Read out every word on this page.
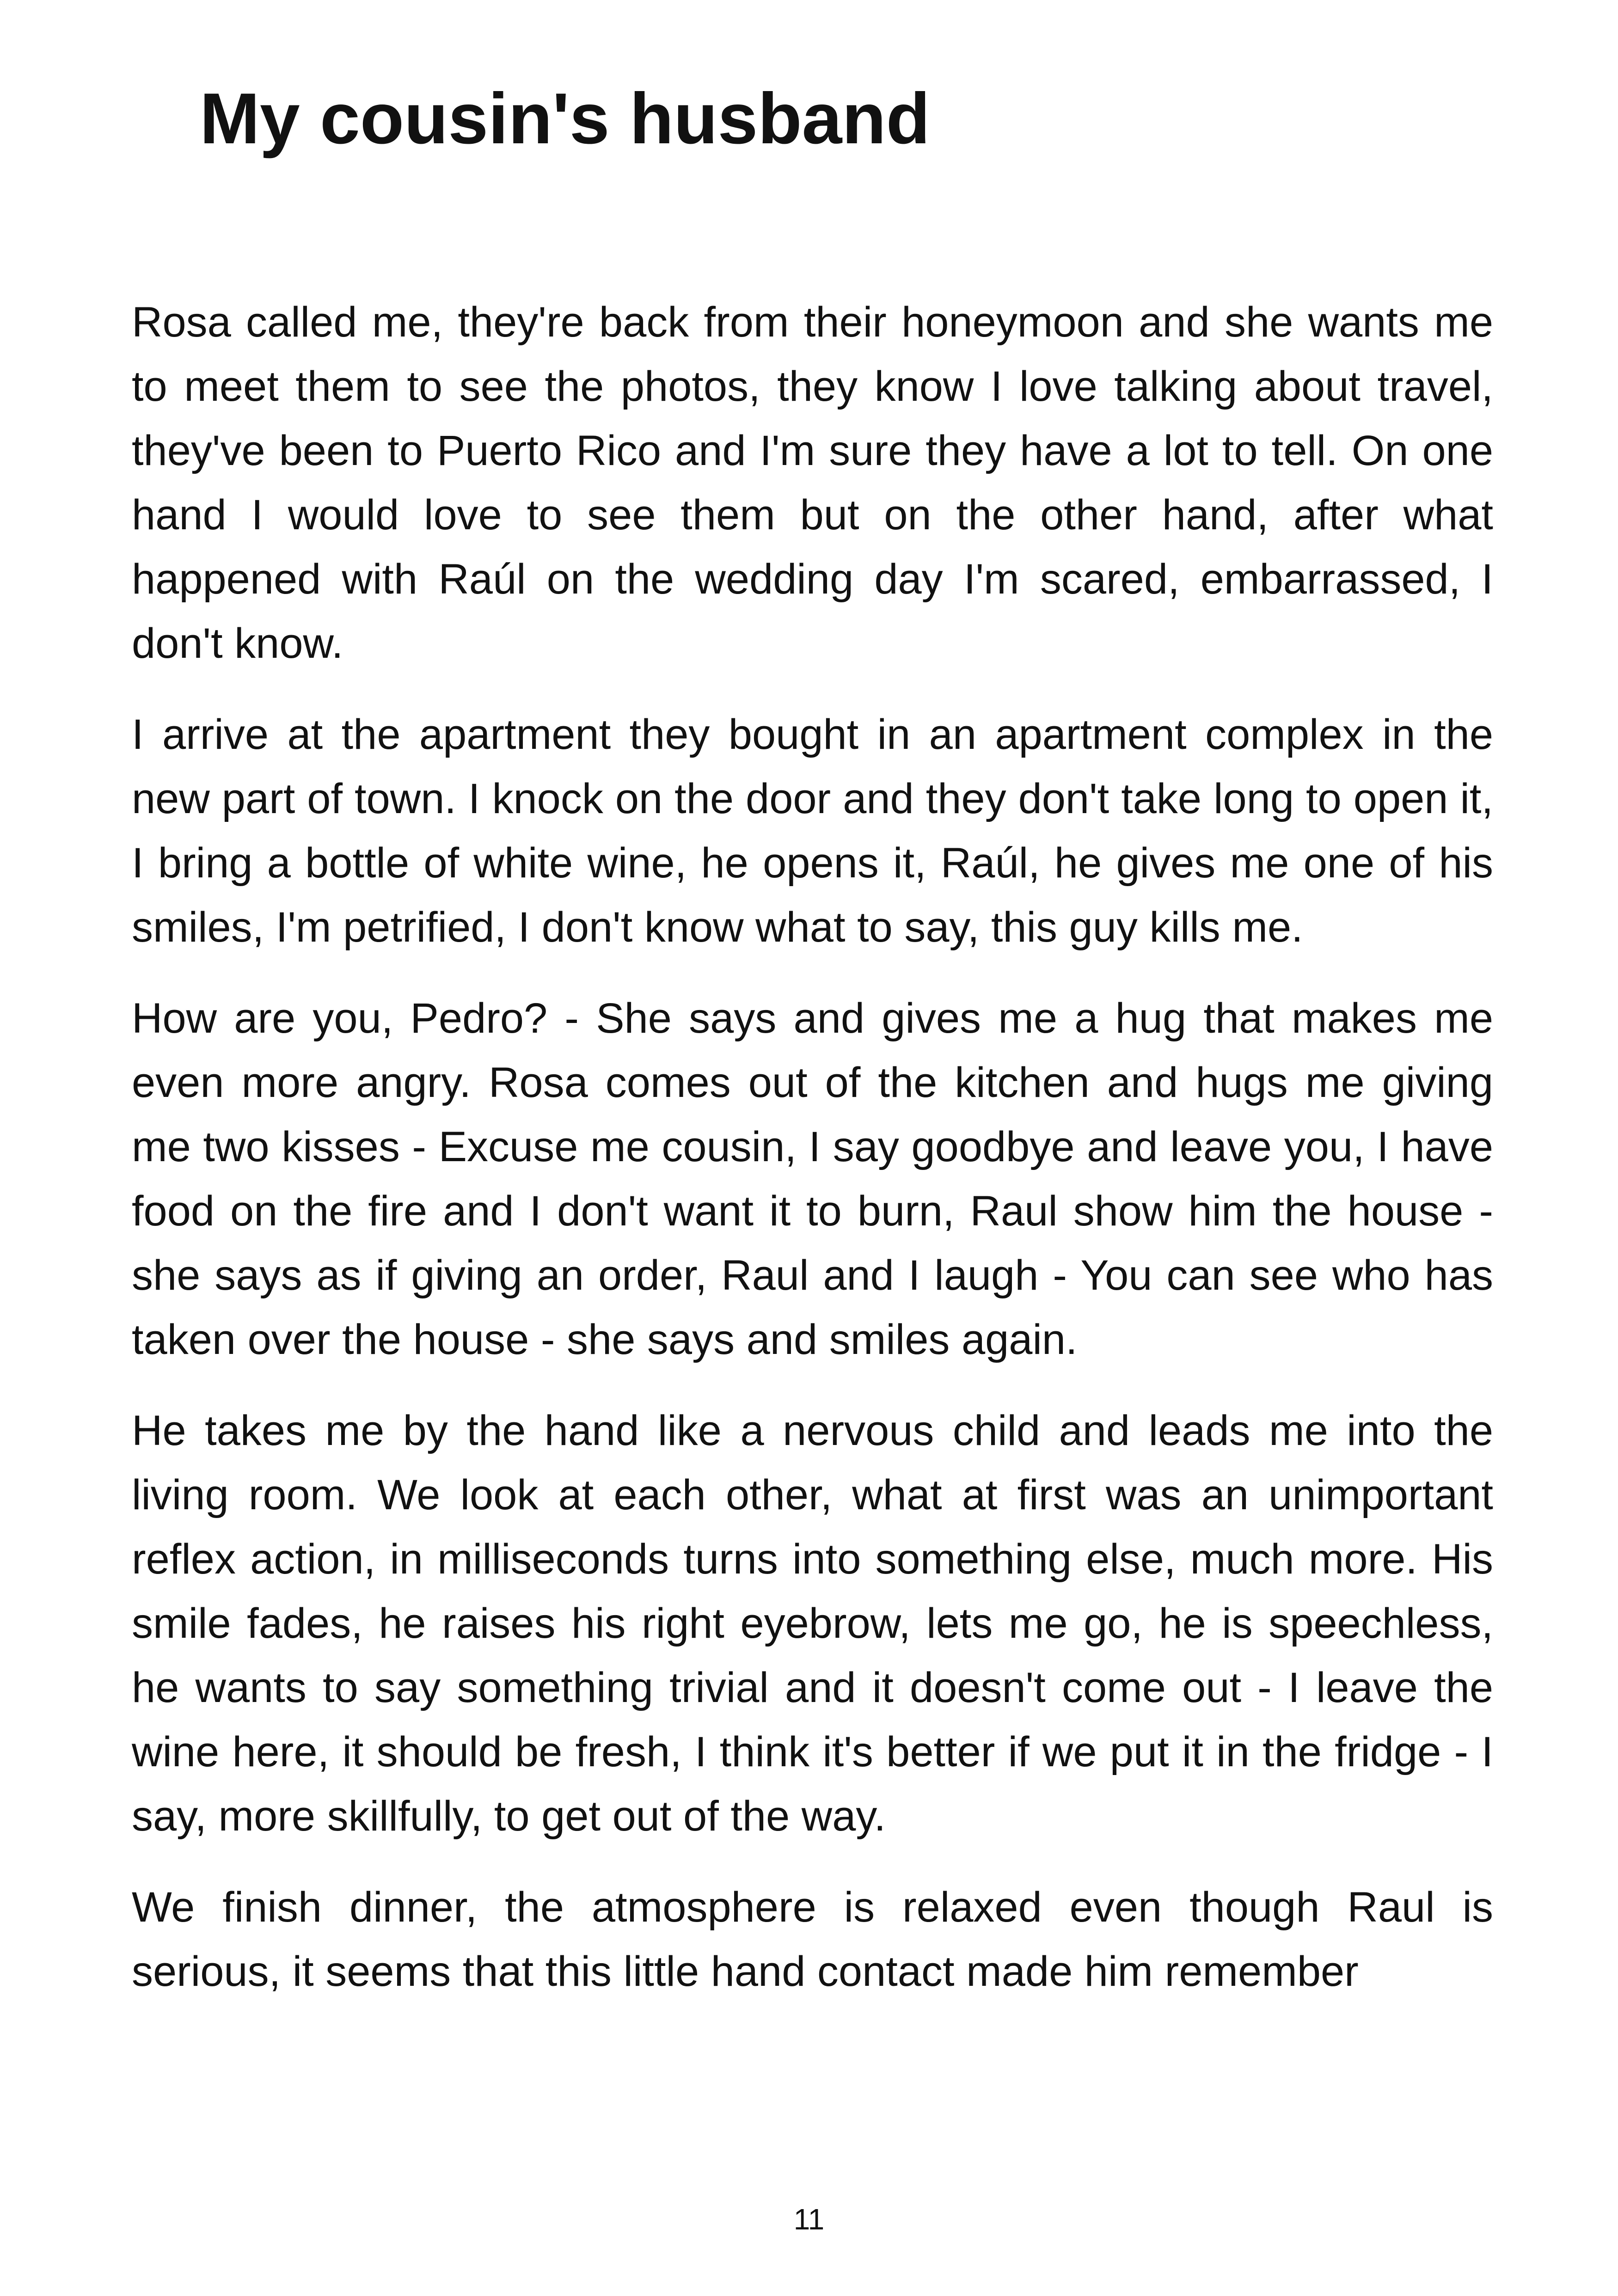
My cousin's husband

Rosa called me, they're back from their honeymoon and she wants me to meet them to see the photos, they know I love talking about travel, they've been to Puerto Rico and I'm sure they have a lot to tell. On one hand I would love to see them but on the other hand, after what happened with Raúl on the wedding day I'm scared, embarrassed, I don't know.

I arrive at the apartment they bought in an apartment complex in the new part of town. I knock on the door and they don't take long to open it, I bring a bottle of white wine, he opens it, Raúl, he gives me one of his smiles, I'm petrified, I don't know what to say, this guy kills me.

How are you, Pedro? - She says and gives me a hug that makes me even more angry. Rosa comes out of the kitchen and hugs me giving me two kisses - Excuse me cousin, I say goodbye and leave you, I have food on the fire and I don't want it to burn, Raul show him the house - she says as if giving an order, Raul and I laugh - You can see who has taken over the house - she says and smiles again.

He takes me by the hand like a nervous child and leads me into the living room. We look at each other, what at first was an unimportant reflex action, in milliseconds turns into something else, much more. His smile fades, he raises his right eyebrow, lets me go, he is speechless, he wants to say something trivial and it doesn't come out - I leave the wine here, it should be fresh, I think it's better if we put it in the fridge - I say, more skillfully, to get out of the way.

We finish dinner, the atmosphere is relaxed even though Raul is serious, it seems that this little hand contact made him remember

11
